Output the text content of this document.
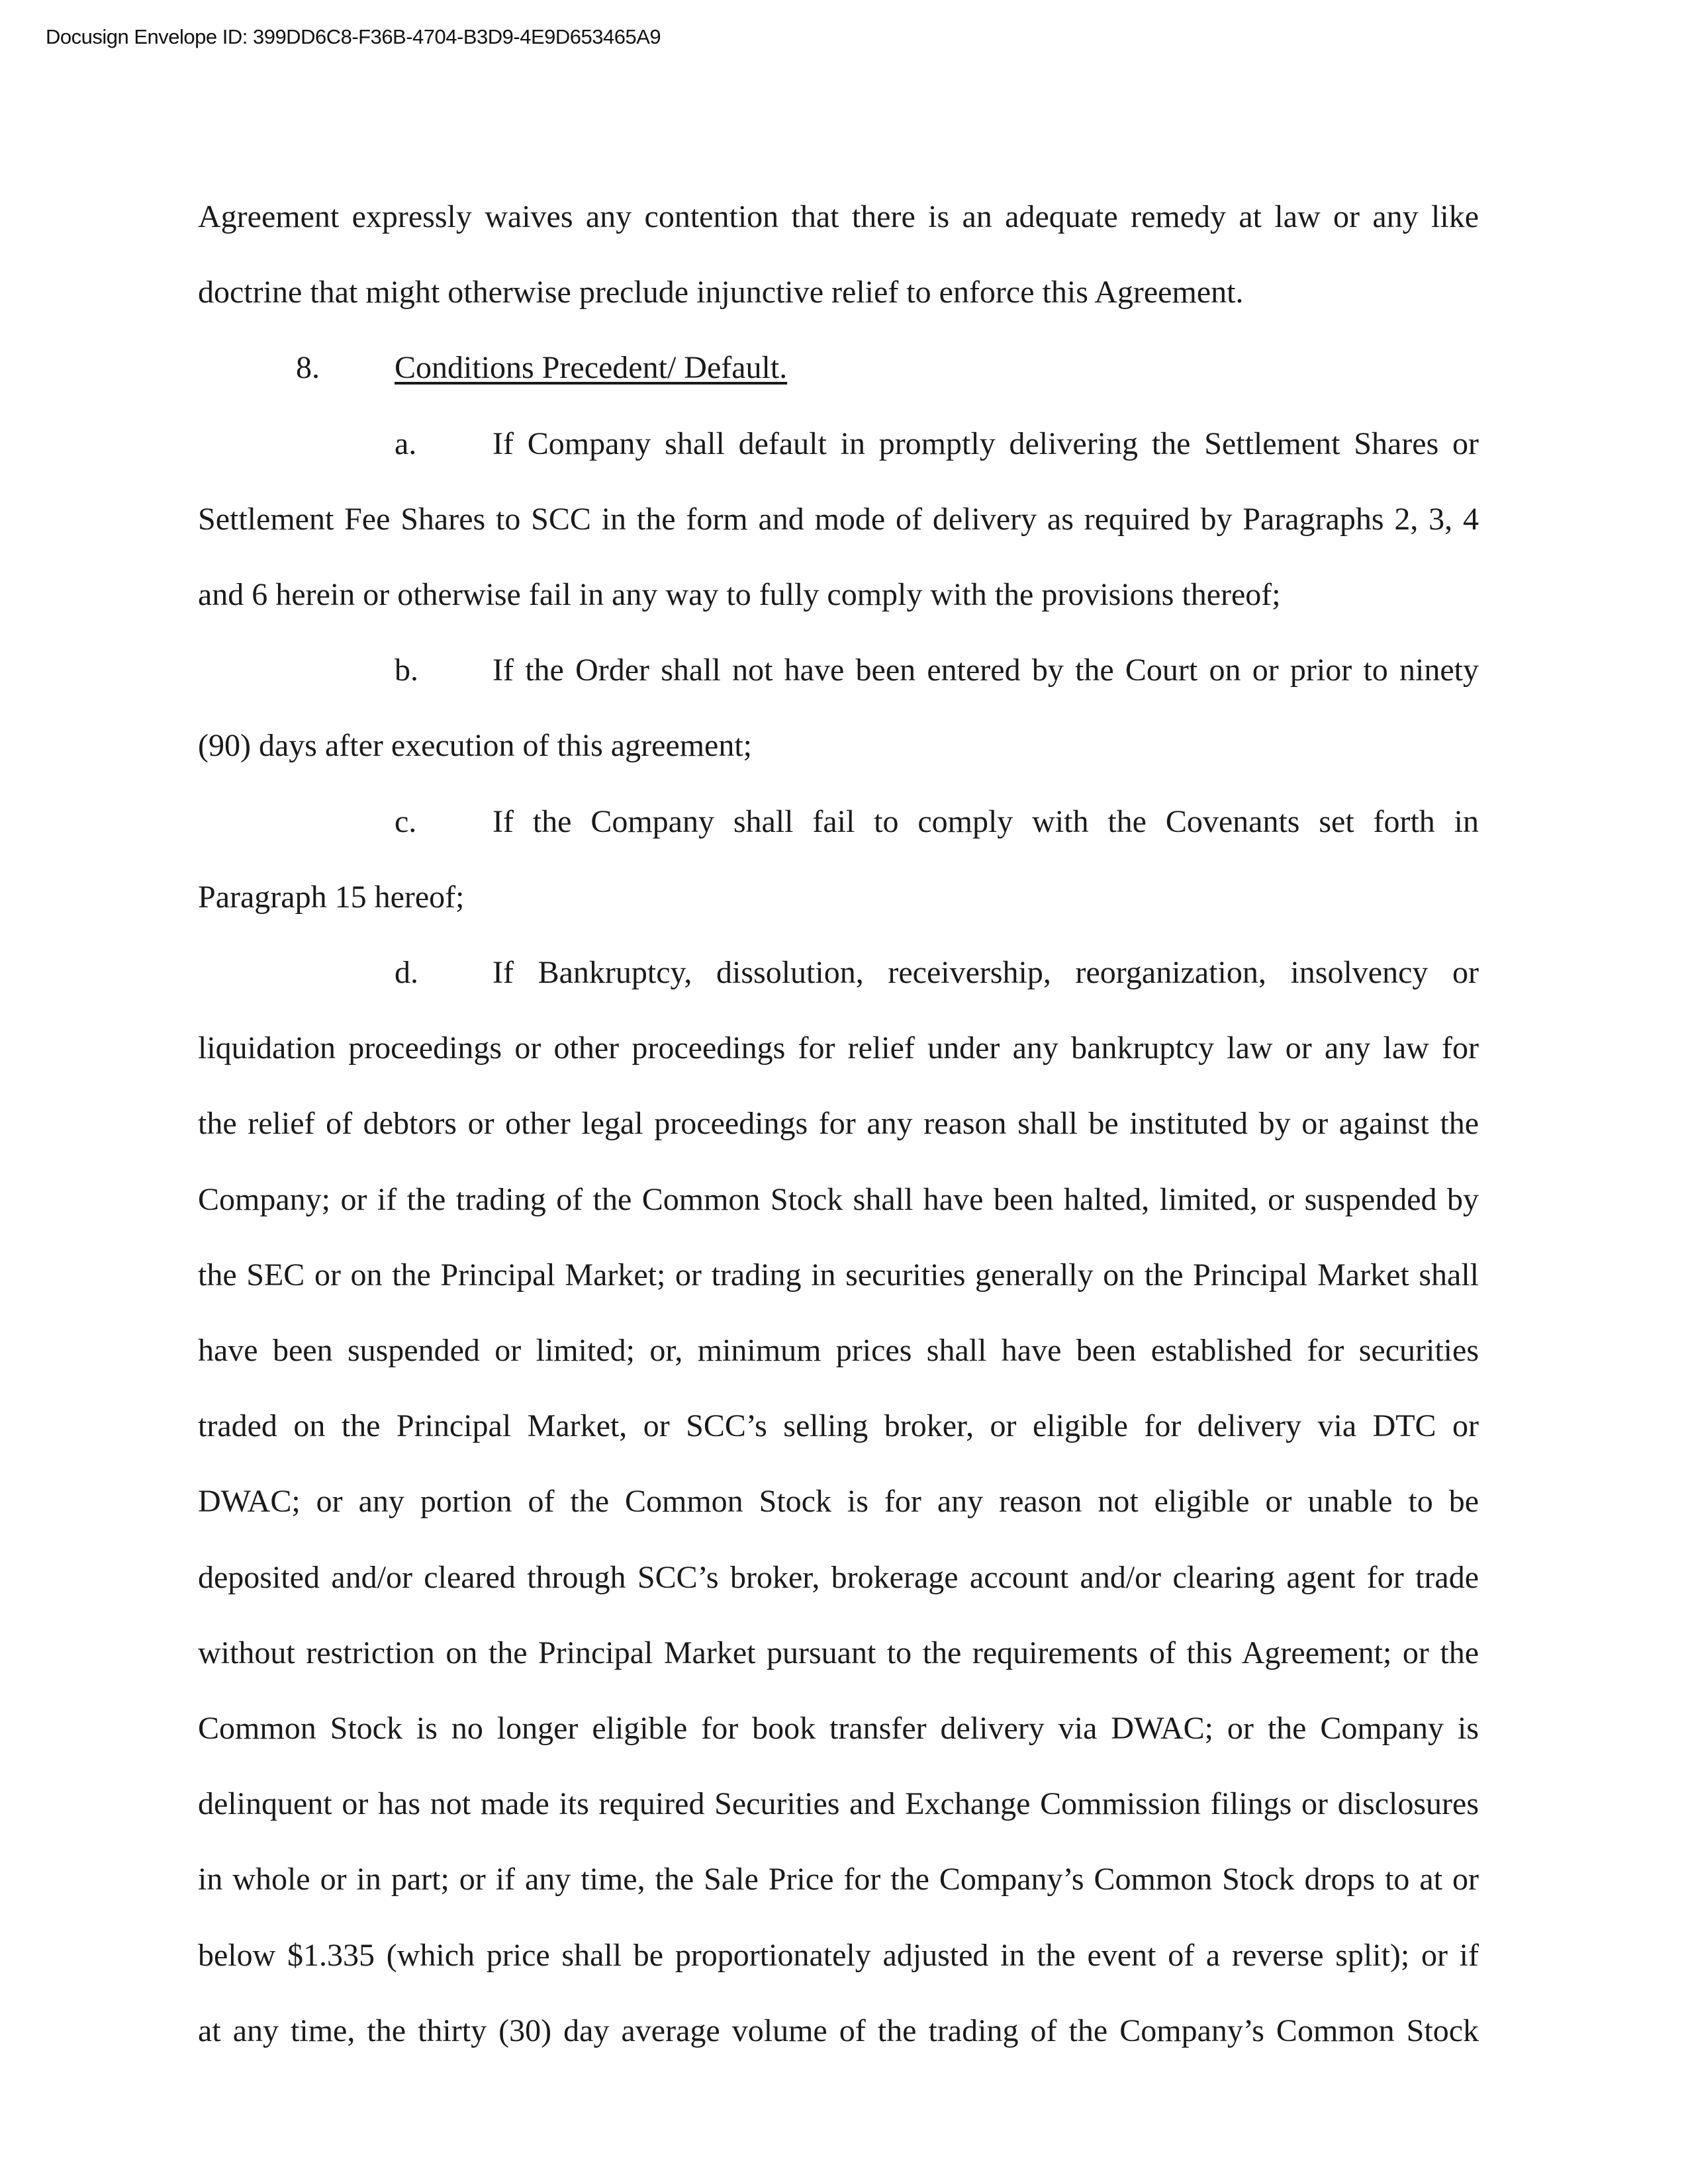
Docusign Envelope ID: 399DD6C8-F36B-4704-B3D9-4E9D653465A9
Agreement expressly waives any contention that there is an adequate remedy at law or any like
doctrine that might otherwise preclude injunctive relief to enforce this Agreement.
8.	Conditions Precedent/ Default.
a.	If Company shall default in promptly delivering the Settlement Shares or
Settlement Fee Shares to SCC in the form and mode of delivery as required by Paragraphs 2, 3, 4
and 6 herein or otherwise fail in any way to fully comply with the provisions thereof;
b.	If the Order shall not have been entered by the Court on or prior to ninety
(90) days after execution of this agreement;
c.	If the Company shall fail to comply with the Covenants set forth in
Paragraph 15 hereof;
d.	If Bankruptcy, dissolution, receivership, reorganization, insolvency or
liquidation proceedings or other proceedings for relief under any bankruptcy law or any law for
the relief of debtors or other legal proceedings for any reason shall be instituted by or against the
Company; or if the trading of the Common Stock shall have been halted, limited, or suspended by
the SEC or on the Principal Market; or trading in securities generally on the Principal Market shall
have been suspended or limited; or, minimum prices shall have been established for securities
traded on the Principal Market, or SCC’s selling broker, or eligible for delivery via DTC or
DWAC; or any portion of the Common Stock is for any reason not eligible or unable to be
deposited and/or cleared through SCC’s broker, brokerage account and/or clearing agent for trade
without restriction on the Principal Market pursuant to the requirements of this Agreement; or the
Common Stock is no longer eligible for book transfer delivery via DWAC; or the Company is
delinquent or has not made its required Securities and Exchange Commission filings or disclosures
in whole or in part; or if any time, the Sale Price for the Company’s Common Stock drops to at or
below $1.335 (which price shall be proportionately adjusted in the event of a reverse split); or if
at any time, the thirty (30) day average volume of the trading of the Company’s Common Stock
